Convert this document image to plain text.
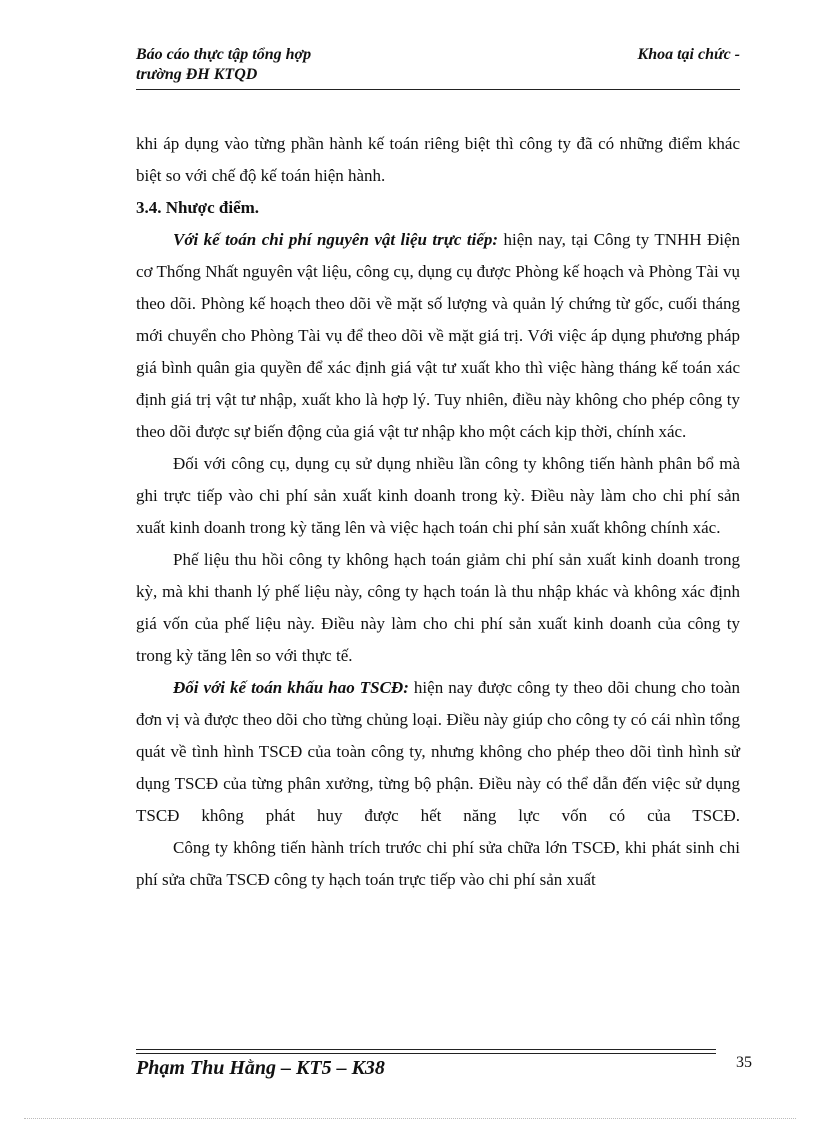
Báo cáo thực tập tổng hợp	Khoa tại chức -
trường ĐH KTQD

khi áp dụng vào từng phần hành kế toán riêng biệt thì công ty đã có những điểm khác biệt so với chế độ kế toán hiện hành.

3.4. Nhược điểm.

Với kế toán chi phí nguyên vật liệu trực tiếp: hiện nay, tại Công ty TNHH Điện cơ Thống Nhất nguyên vật liệu, công cụ, dụng cụ được Phòng kế hoạch và Phòng Tài vụ theo dõi. Phòng kế hoạch theo dõi về mặt số lượng và quản lý chứng từ gốc, cuối tháng mới chuyển cho Phòng Tài vụ để theo dõi về mặt giá trị. Với việc áp dụng phương pháp giá bình quân gia quyền để xác định giá vật tư xuất kho thì việc hàng tháng kế toán xác định giá trị vật tư nhập, xuất kho là hợp lý. Tuy nhiên, điều này không cho phép công ty theo dõi được sự biến động của giá vật tư nhập kho một cách kịp thời, chính xác.

Đối với công cụ, dụng cụ sử dụng nhiều lần công ty không tiến hành phân bổ mà ghi trực tiếp vào chi phí sản xuất kinh doanh trong kỳ. Điều này làm cho chi phí sản xuất kinh doanh trong kỳ tăng lên và việc hạch toán chi phí sản xuất không chính xác.

Phế liệu thu hồi công ty không hạch toán giảm chi phí sản xuất kinh doanh trong kỳ, mà khi thanh lý phế liệu này, công ty hạch toán là thu nhập khác và không xác định giá vốn của phế liệu này. Điều này làm cho chi phí sản xuất kinh doanh của công ty trong kỳ tăng lên so với thực tế.

Đối với kế toán khấu hao TSCĐ: hiện nay được công ty theo dõi chung cho toàn đơn vị và được theo dõi cho từng chủng loại. Điều này giúp cho công ty có cái nhìn tổng quát về tình hình TSCĐ của toàn công ty, nhưng không cho phép theo dõi tình hình sử dụng TSCĐ của từng phân xưởng, từng bộ phận. Điều này có thể dẫn đến việc sử dụng TSCĐ không phát huy được hết năng lực vốn có của TSCĐ.

Công ty không tiến hành trích trước chi phí sửa chữa lớn TSCĐ, khi phát sinh chi phí sửa chữa TSCĐ công ty hạch toán trực tiếp vào chi phí sản xuất

Phạm Thu Hằng – KT5 – K38	35
